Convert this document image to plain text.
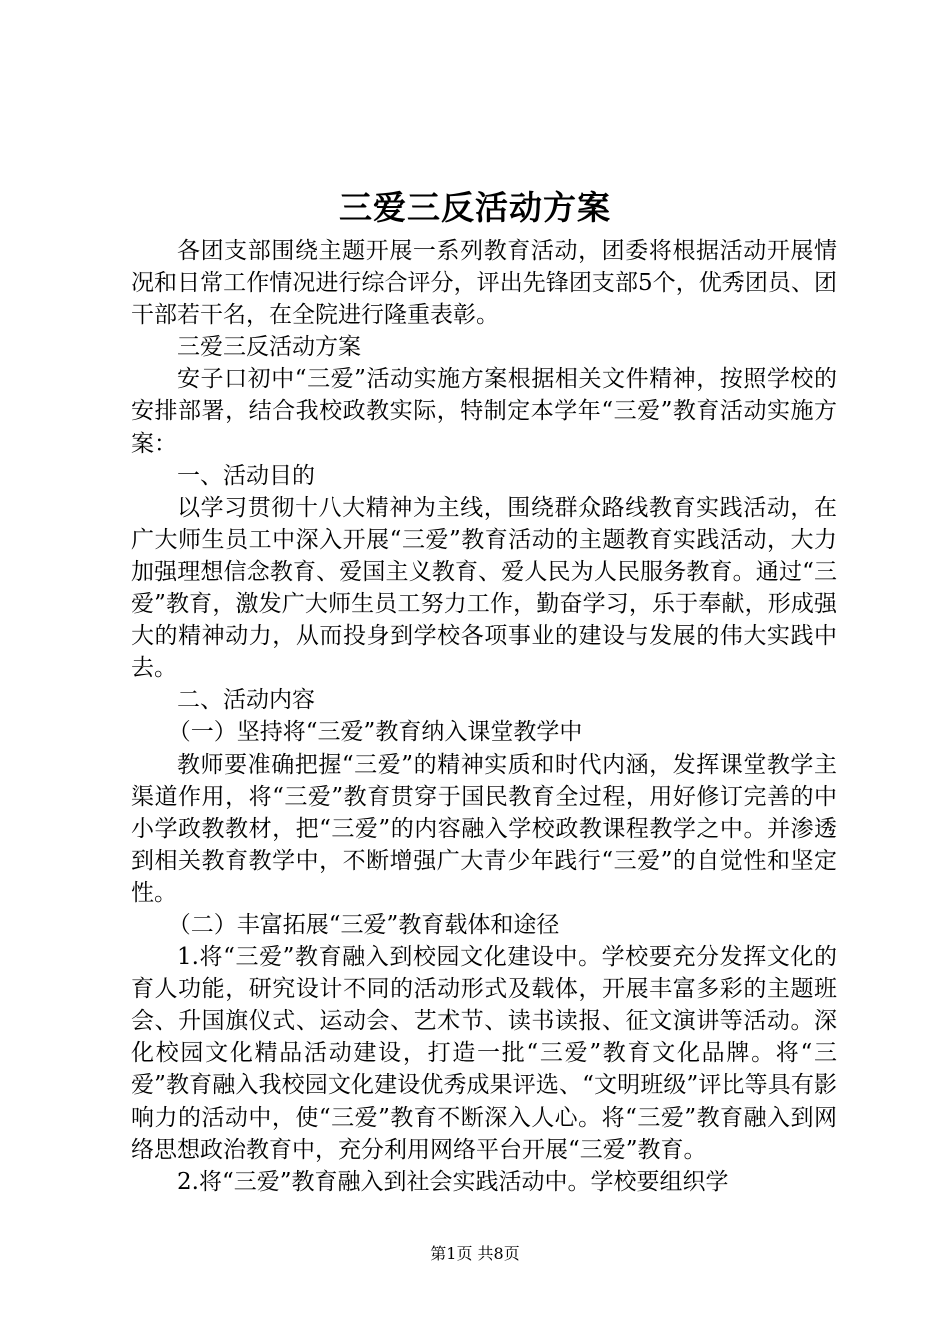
三爱三反活动方案

各团支部围绕主题开展一系列教育活动，团委将根据活动开展情况和日常工作情况进行综合评分，评出先锋团支部5个，优秀团员、团干部若干名，在全院进行隆重表彰。

三爱三反活动方案

安子口初中“三爱”活动实施方案根据相关文件精神，按照学校的安排部署，结合我校政教实际，特制定本学年“三爱”教育活动实施方案：

一、活动目的

以学习贯彻十八大精神为主线，围绕群众路线教育实践活动，在广大师生员工中深入开展“三爱”教育活动的主题教育实践活动，大力加强理想信念教育、爱国主义教育、爱人民为人民服务教育。通过“三爱”教育，激发广大师生员工努力工作，勤奋学习，乐于奉献，形成强大的精神动力，从而投身到学校各项事业的建设与发展的伟大实践中去。

二、活动内容

（一）坚持将“三爱”教育纳入课堂教学中

教师要准确把握“三爱”的精神实质和时代内涵，发挥课堂教学主渠道作用，将“三爱”教育贯穿于国民教育全过程，用好修订完善的中小学政教教材，把“三爱”的内容融入学校政教课程教学之中。并渗透到相关教育教学中，不断增强广大青少年践行“三爱”的自觉性和坚定性。

（二）丰富拓展“三爱”教育载体和途径

1.将“三爱”教育融入到校园文化建设中。学校要充分发挥文化的育人功能，研究设计不同的活动形式及载体，开展丰富多彩的主题班会、升国旗仪式、运动会、艺术节、读书读报、征文演讲等活动。深化校园文化精品活动建设，打造一批“三爱”教育文化品牌。将“三爱”教育融入我校园文化建设优秀成果评选、“文明班级”评比等具有影响力的活动中，使“三爱”教育不断深入人心。将“三爱”教育融入到网络思想政治教育中，充分利用网络平台开展“三爱”教育。

2.将“三爱”教育融入到社会实践活动中。学校要组织学

第1页 共8页
